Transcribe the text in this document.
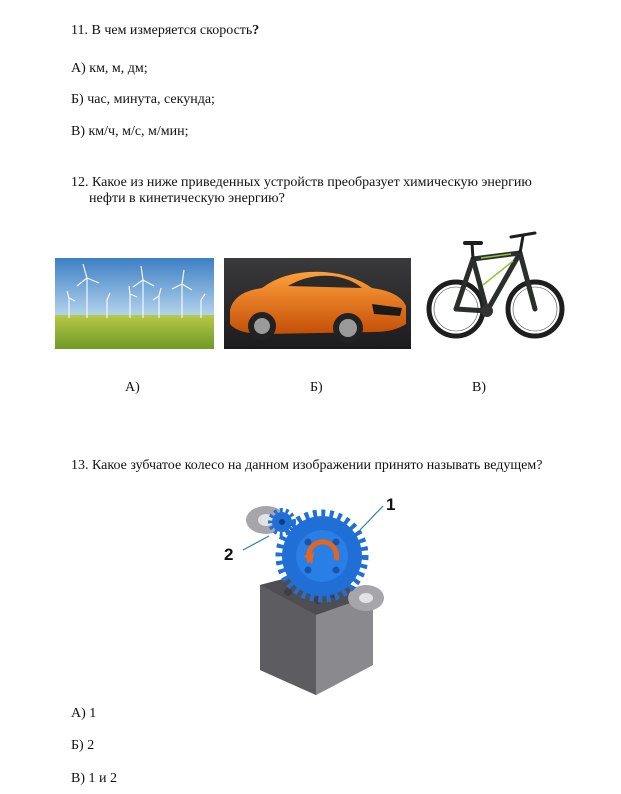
11. В чем измеряется скорость?
А) км, м, дм;
Б) час, минута, секунда;
В) км/ч, м/с, м/мин;
12. Какое из ниже приведенных устройств преобразует химическую энергию
нефти в кинетическую энергию?
А)	Б)	В)
13. Какое зубчатое колесо на данном изображении принято называть ведущем?
1
2
А) 1
Б) 2
В) 1 и 2
